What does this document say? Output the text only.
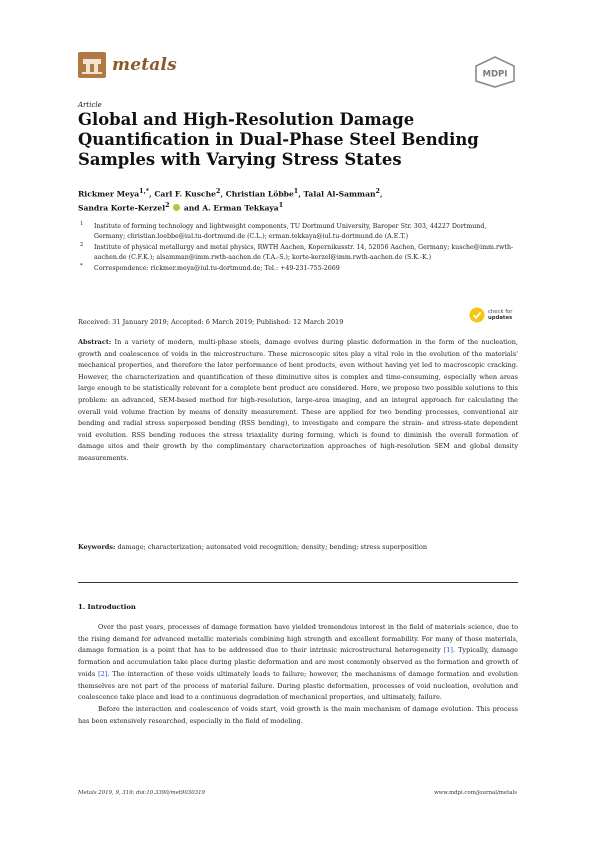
metals	MDPI
Article
Global and High-Resolution Damage Quantification in Dual-Phase Steel Bending Samples with Varying Stress States
Rickmer Meya$^{1,*}$, Carl F. Kusche$^2$, Christian Löbbe$^1$, Talal Al-Samman$^2$,
Sandra Korte-Kerzel$^2$ and A. Erman Tekkaya$^1$
1 Institute of forming technology and lightweight components, TU Dortmund University, Baroper Str. 303, 44227 Dortmund, Germany; christian.loebbe@iul.tu-dortmund.de (C.L.); erman.tekkaya@iul.tu-dortmund.de (A.E.T.)
2 Institute of physical metallurgy and metal physics, RWTH Aachen, Kopernikusstr. 14, 52056 Aachen, Germany; kusche@imm.rwth-aachen.de (C.F.K.); alsamman@imm.rwth-aachen.de (T.A.-S.); korte-kerzel@imm.rwth-aachen.de (S.K.-K.)
* Correspondence: rickmer.meya@iul.tu-dortmund.de; Tel.: +49-231-755-2669
Received: 31 January 2019; Accepted: 6 March 2019; Published: 12 March 2019
check for
updates

Abstract: In a variety of modern, multi-phase steels, damage evolves during plastic deformation in the form of the nucleation, growth and coalescence of voids in the microstructure. These microscopic sites play a vital role in the evolution of the materials' mechanical properties, and therefore the later performance of bent products, even without having yet led to macroscopic cracking. However, the characterization and quantification of these diminutive sites is complex and time-consuming, especially when areas large enough to be statistically relevant for a complete bent product are considered. Here, we propose two possible solutions to this problem: an advanced, SEM-based method for high-resolution, large-area imaging, and an integral approach for calculating the overall void volume fraction by means of density measurement. These are applied for two bending processes, conventional air bending and radial stress superposed bending (RSS bending), to investigate and compare the strain- and stress-state dependent void evolution. RSS bending reduces the stress triaxiality during forming, which is found to diminish the overall formation of damage sites and their growth by the complimentary characterization approaches of high-resolution SEM and global density measurements.

Keywords: damage; characterization; automated void recognition; density; bending; stress superposition

1. Introduction

Over the past years, processes of damage formation have yielded tremendous interest in the field of materials science, due to the rising demand for advanced metallic materials combining high strength and excellent formability. For many of those materials, damage formation is a point that has to be addressed due to their intrinsic microstructural heterogeneity [1]. Typically, damage formation and accumulation take place during plastic deformation and are most commonly observed as the formation and growth of voids [2]. The interaction of these voids ultimately leads to failure; however, the mechanisms of damage formation and evolution themselves are not part of the process of material failure. During plastic deformation, processes of void nucleation, evolution and coalescence take place and lead to a continuous degradation of mechanical properties, and ultimately, failure.

Before the interaction and coalescence of voids start, void growth is the main mechanism of damage evolution. This process has been extensively researched, especially in the field of modeling.

Metals 2019, 9, 319; doi:10.3390/met9030319	www.mdpi.com/journal/metals
